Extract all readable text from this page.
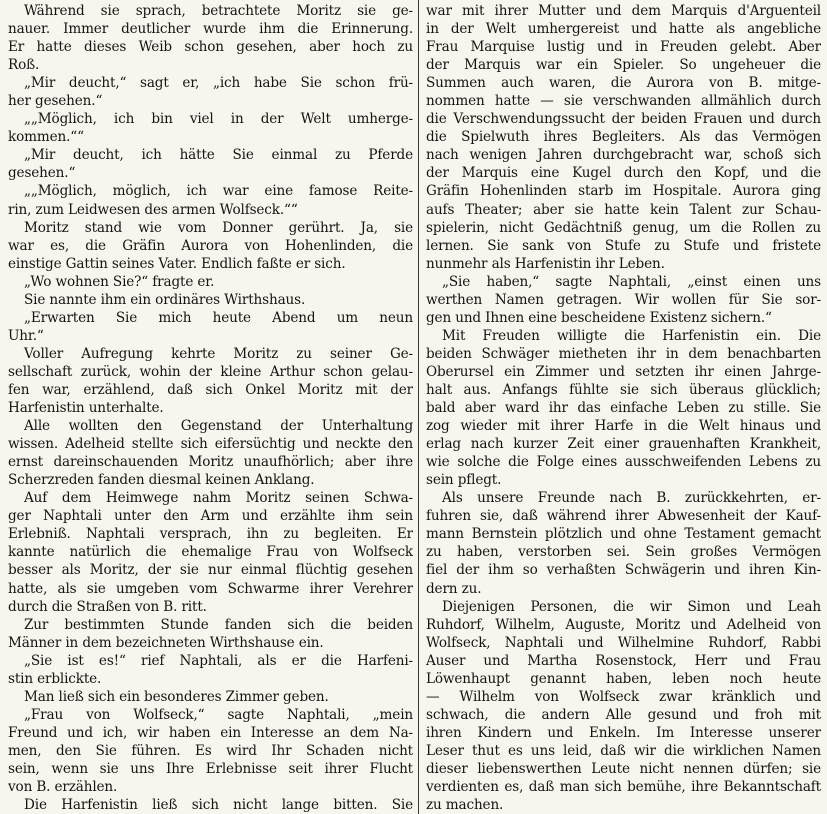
Während sie sprach, betrachtete Moritz sie ge-
nauer. Immer deutlicher wurde ihm die Erinnerung.
Er hatte dieses Weib schon gesehen, aber hoch zu
Roß.
„Mir deucht,“ sagt er, „ich habe Sie schon frü-
her gesehen.“
„„Möglich, ich bin viel in der Welt umherge-
kommen.““
„Mir deucht, ich hätte Sie einmal zu Pferde
gesehen.“
„„Möglich, möglich, ich war eine famose Reite-
rin, zum Leidwesen des armen Wolfseck.““
Moritz stand wie vom Donner gerührt. Ja, sie
war es, die Gräfin Aurora von Hohenlinden, die
einstige Gattin seines Vater. Endlich faßte er sich.
„Wo wohnen Sie?“ fragte er.
Sie nannte ihm ein ordinäres Wirthshaus.
„Erwarten Sie mich heute Abend um neun
Uhr.“
Voller Aufregung kehrte Moritz zu seiner Ge-
sellschaft zurück, wohin der kleine Arthur schon gelau-
fen war, erzählend, daß sich Onkel Moritz mit der
Harfenistin unterhalte.
Alle wollten den Gegenstand der Unterhaltung
wissen. Adelheid stellte sich eifersüchtig und neckte den
ernst dareinschauenden Moritz unaufhörlich; aber ihre
Scherzreden fanden diesmal keinen Anklang.
Auf dem Heimwege nahm Moritz seinen Schwa-
ger Naphtali unter den Arm und erzählte ihm sein
Erlebniß. Naphtali versprach, ihn zu begleiten. Er
kannte natürlich die ehemalige Frau von Wolfseck
besser als Moritz, der sie nur einmal flüchtig gesehen
hatte, als sie umgeben vom Schwarme ihrer Verehrer
durch die Straßen von B. ritt.
Zur bestimmten Stunde fanden sich die beiden
Männer in dem bezeichneten Wirthshause ein.
„Sie ist es!“ rief Naphtali, als er die Harfeni-
stin erblickte.
Man ließ sich ein besonderes Zimmer geben.
„Frau von Wolfseck,“ sagte Naphtali, „mein
Freund und ich, wir haben ein Interesse an dem Na-
men, den Sie führen. Es wird Ihr Schaden nicht
sein, wenn sie uns Ihre Erlebnisse seit ihrer Flucht
von B. erzählen.
Die Harfenistin ließ sich nicht lange bitten. Sie
war mit ihrer Mutter und dem Marquis d'Arguenteil
in der Welt umhergereist und hatte als angebliche
Frau Marquise lustig und in Freuden gelebt. Aber
der Marquis war ein Spieler. So ungeheuer die
Summen auch waren, die Aurora von B. mitge-
nommen hatte — sie verschwanden allmählich durch
die Verschwendungssucht der beiden Frauen und durch
die Spielwuth ihres Begleiters. Als das Vermögen
nach wenigen Jahren durchgebracht war, schoß sich
der Marquis eine Kugel durch den Kopf, und die
Gräfin Hohenlinden starb im Hospitale. Aurora ging
aufs Theater; aber sie hatte kein Talent zur Schau-
spielerin, nicht Gedächtniß genug, um die Rollen zu
lernen. Sie sank von Stufe zu Stufe und fristete
nunmehr als Harfenistin ihr Leben.
„Sie haben,“ sagte Naphtali, „einst einen uns
werthen Namen getragen. Wir wollen für Sie sor-
gen und Ihnen eine bescheidene Existenz sichern.“
Mit Freuden willigte die Harfenistin ein. Die
beiden Schwäger mietheten ihr in dem benachbarten
Oberursel ein Zimmer und setzten ihr einen Jahrge-
halt aus. Anfangs fühlte sie sich überaus glücklich;
bald aber ward ihr das einfache Leben zu stille. Sie
zog wieder mit ihrer Harfe in die Welt hinaus und
erlag nach kurzer Zeit einer grauenhaften Krankheit,
wie solche die Folge eines ausschweifenden Lebens zu
sein pflegt.
Als unsere Freunde nach B. zurückkehrten, er-
fuhren sie, daß während ihrer Abwesenheit der Kauf-
mann Bernstein plötzlich und ohne Testament gemacht
zu haben, verstorben sei. Sein großes Vermögen
fiel der ihm so verhaßten Schwägerin und ihren Kin-
dern zu.
Diejenigen Personen, die wir Simon und Leah
Ruhdorf, Wilhelm, Auguste, Moritz und Adelheid von
Wolfseck, Naphtali und Wilhelmine Ruhdorf, Rabbi
Auser und Martha Rosenstock, Herr und Frau
Löwenhaupt genannt haben, leben noch heute
— Wilhelm von Wolfseck zwar kränklich und
schwach, die andern Alle gesund und froh mit
ihren Kindern und Enkeln. Im Interesse unserer
Leser thut es uns leid, daß wir die wirklichen Namen
dieser liebenswerthen Leute nicht nennen dürfen; sie
verdienten es, daß man sich bemühe, ihre Bekanntschaft
zu machen.
